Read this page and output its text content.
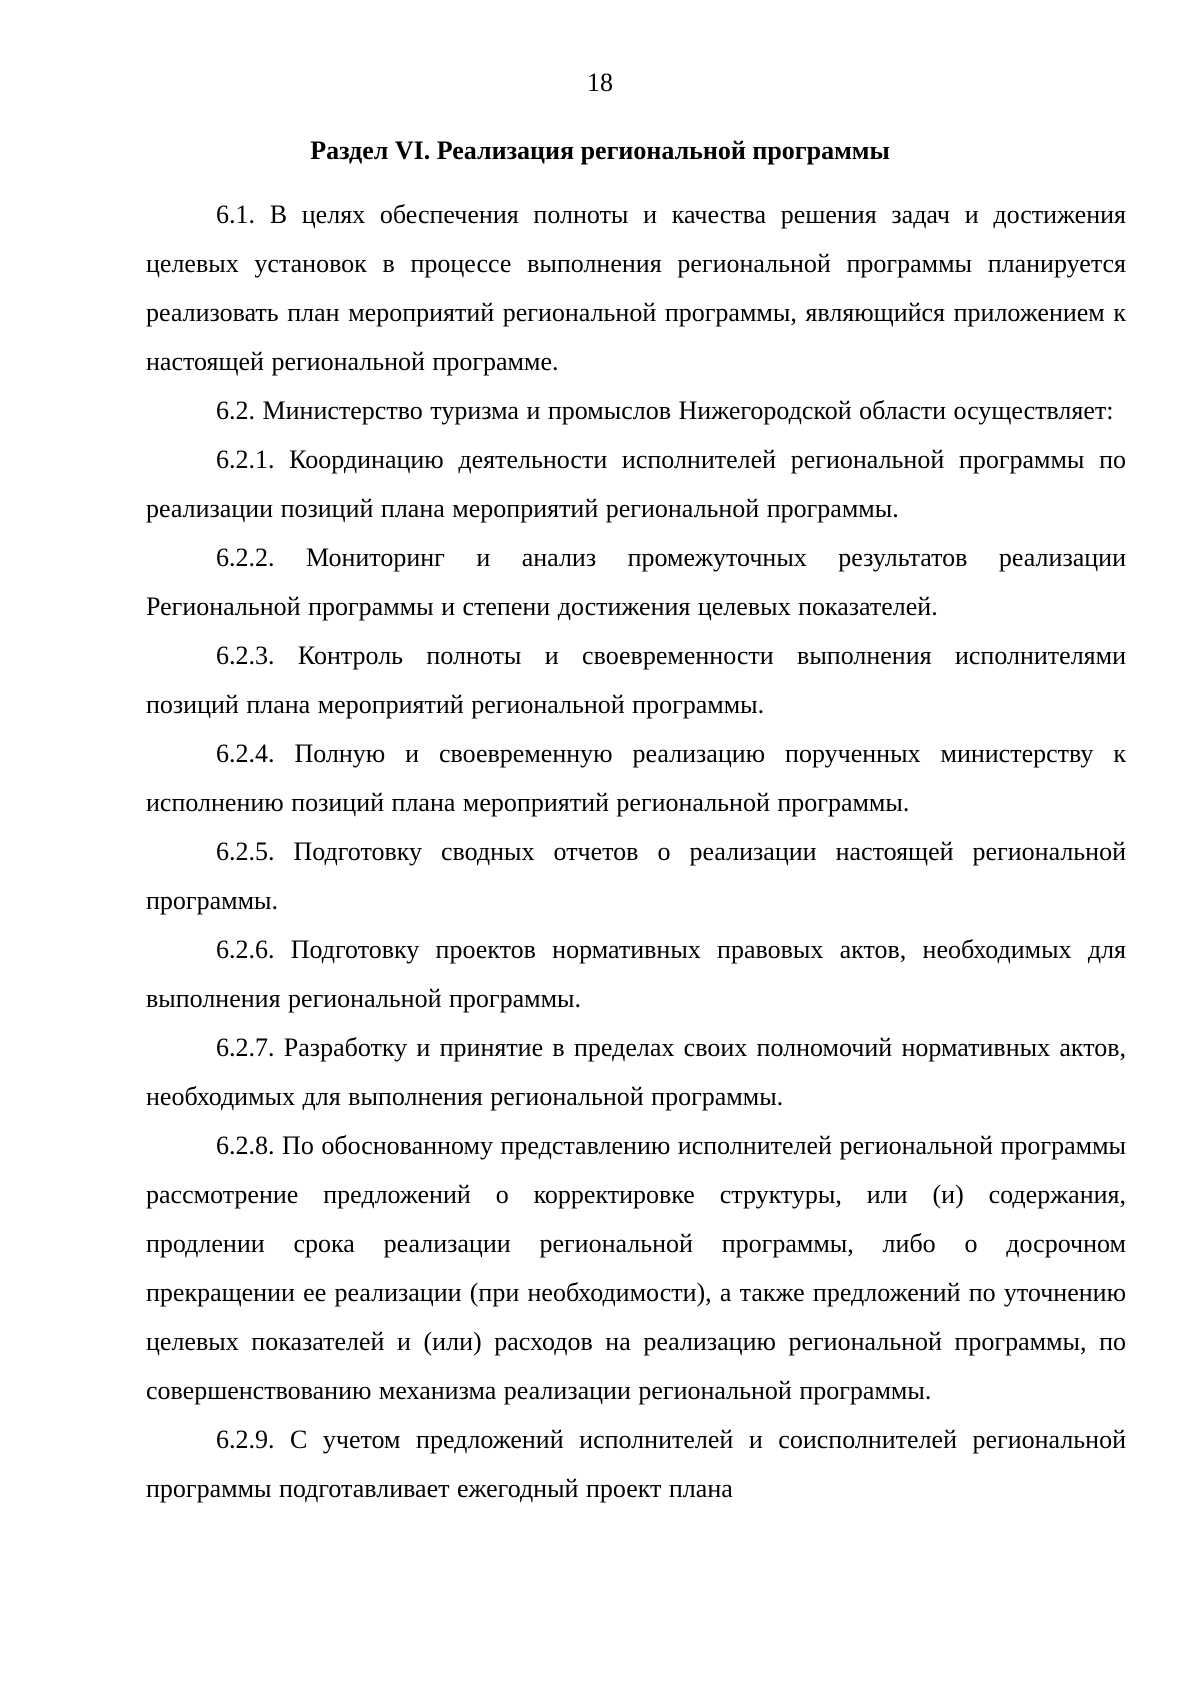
18

Раздел VI. Реализация региональной программы

6.1. В целях обеспечения полноты и качества решения задач и достижения целевых установок в процессе выполнения региональной программы планируется реализовать план мероприятий региональной программы, являющийся приложением к настоящей региональной программе.

6.2. Министерство туризма и промыслов Нижегородской области осуществляет:

6.2.1. Координацию деятельности исполнителей региональной программы по реализации позиций плана мероприятий региональной программы.

6.2.2. Мониторинг и анализ промежуточных результатов реализации Региональной программы и степени достижения целевых показателей.

6.2.3. Контроль полноты и своевременности выполнения исполнителями позиций плана мероприятий региональной программы.

6.2.4. Полную и своевременную реализацию порученных министерству к исполнению позиций плана мероприятий региональной программы.

6.2.5. Подготовку сводных отчетов о реализации настоящей региональной программы.

6.2.6. Подготовку проектов нормативных правовых актов, необходимых для выполнения региональной программы.

6.2.7. Разработку и принятие в пределах своих полномочий нормативных актов, необходимых для выполнения региональной программы.

6.2.8. По обоснованному представлению исполнителей региональной программы рассмотрение предложений о корректировке структуры, или (и) содержания, продлении срока реализации региональной программы, либо о досрочном прекращении ее реализации (при необходимости), а также предложений по уточнению целевых показателей и (или) расходов на реализацию региональной программы, по совершенствованию механизма реализации региональной программы.

6.2.9. С учетом предложений исполнителей и соисполнителей региональной программы подготавливает ежегодный проект плана
